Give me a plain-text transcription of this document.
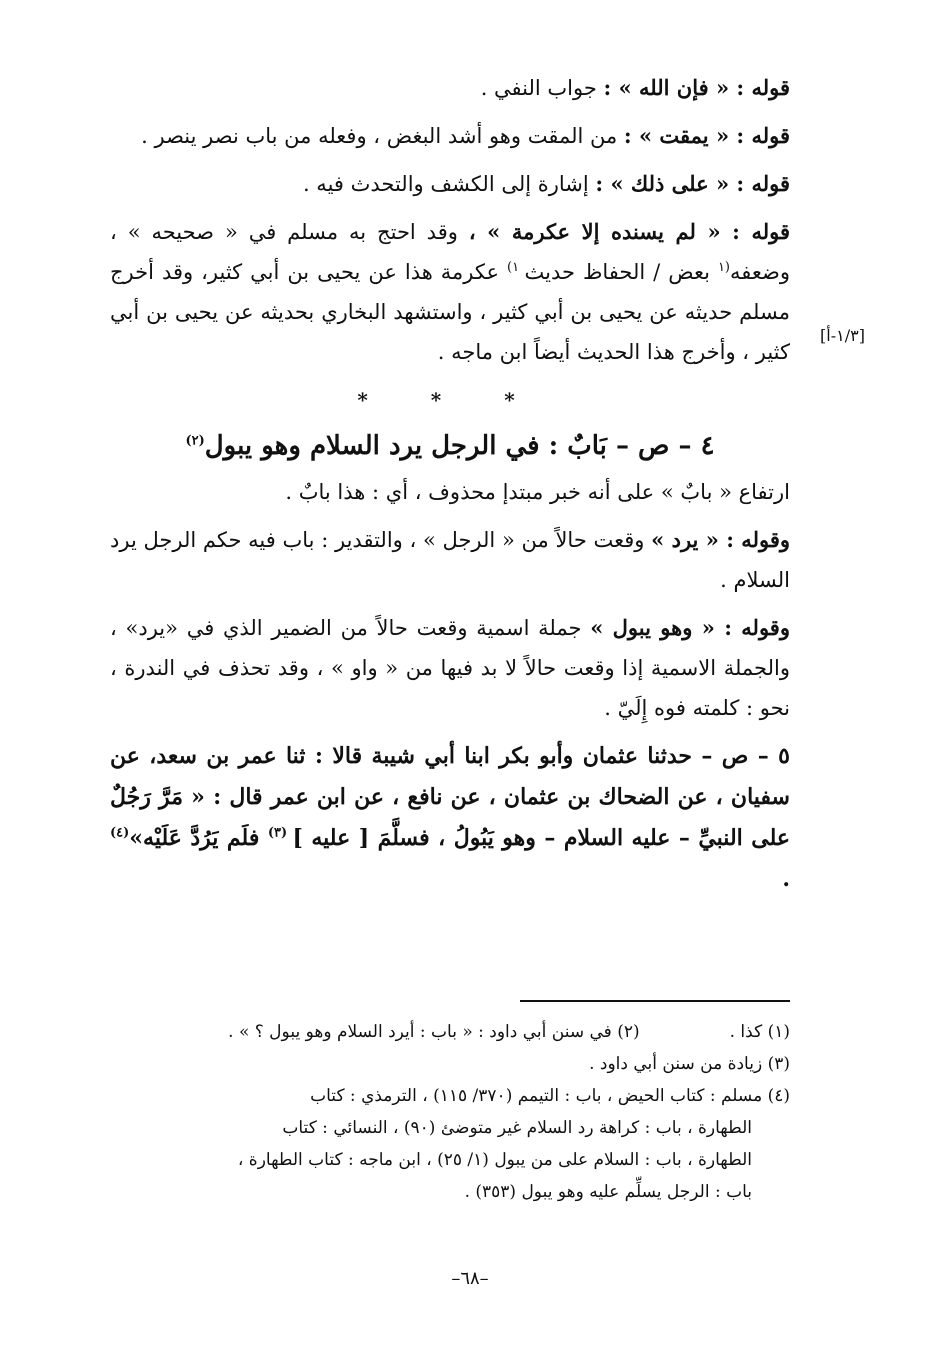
قوله : « فإن الله » : جواب النفي .

قوله : « يمقت » : من المقت وهو أشد البغض ، وفعله من باب نصر ينصر .

قوله : « على ذلك » : إشارة إلى الكشف والتحدث فيه .

قوله : « لم يسنده إلا عكرمة » ، وقد احتج به مسلم في « صحيحه » ، وضعفه$^{(١}$ بعض / الحفاظ حديث $^{١)}$ عكرمة هذا عن يحيى بن أبي كثير، وقد أخرج مسلم حديثه عن يحيى بن أبي كثير ، واستشهد البخاري بحديثه عن يحيى بن أبي كثير ، وأخرج هذا الحديث أيضاً ابن ماجه .

* * *
٤ – ص – بَابٌ : في الرجل يرد السلام وهو يبول$^{(٢)}$

ارتفاع « بابٌ » على أنه خبر مبتدإ محذوف ، أي : هذا بابٌ .

وقوله : « يرد » وقعت حالاً من « الرجل » ، والتقدير : باب فيه حكم الرجل يرد السلام .

وقوله : « وهو يبول » جملة اسمية وقعت حالاً من الضمير الذي في «يرد» ، والجملة الاسمية إذا وقعت حالاً لا بد فيها من « واو » ، وقد تحذف في الندرة ، نحو : كلمته فوه إِلَيّ .

٥ – ص – حدثنا عثمان وأبو بكر ابنا أبي شيبة قالا : ثنا عمر بن سعد، عن سفيان ، عن الضحاك بن عثمان ، عن نافع ، عن ابن عمر قال : « مَرَّ رَجُلٌ على النبيِّ – عليه السلام – وهو يَبُولُ ، فسلَّمَ [ عليه ] $^{(٣)}$ فلَم يَرُدَّ عَلَيْه»$^{(٤)}$ .

[١/٣-أ]
(١) كذا .
(٢) في سنن أبي داود : « باب : أيرد السلام وهو يبول ؟ » .

(٣) زيادة من سنن أبي داود .

(٤) مسلم : كتاب الحيض ، باب : التيمم (٣٧٠/ ١١٥) ، الترمذي : كتاب

الطهارة ، باب : كراهة رد السلام غير متوضئ (٩٠) ، النسائي : كتاب

الطهارة ، باب : السلام على من يبول (١/ ٢٥) ، ابن ماجه : كتاب الطهارة ،

باب : الرجل يسلِّم عليه وهو يبول (٣٥٣) .

–٦٨–
